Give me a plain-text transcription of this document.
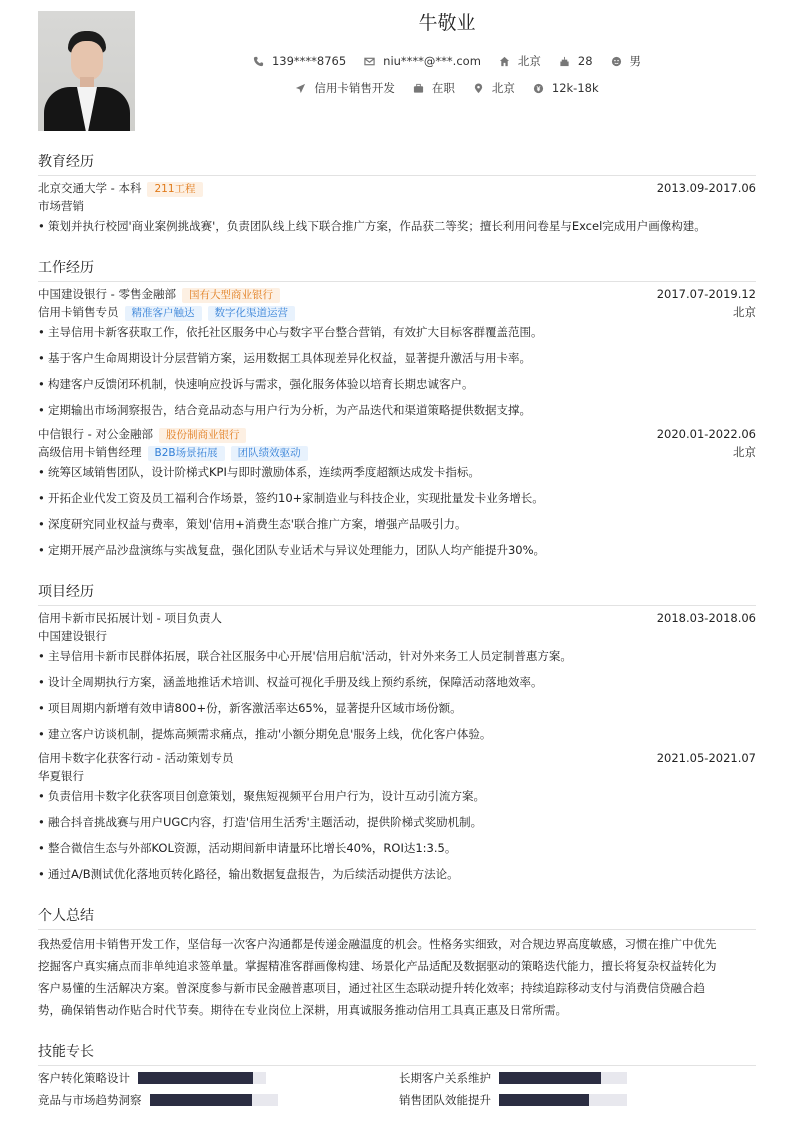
牛敬业
139****8765	niu****@***.com	北京	28	男
信用卡销售开发	在职	北京	12k-18k
教育经历
北京交通大学 - 本科 211工程	2013.09-2017.06
市场营销
• 策划并执行校园'商业案例挑战赛'，负责团队线上线下联合推广方案，作品获二等奖；擅长利用问卷星与Excel完成用户画像构建。
工作经历
中国建设银行 - 零售金融部 国有大型商业银行	2017.07-2019.12
信用卡销售专员 精准客户触达 数字化渠道运营	北京
• 主导信用卡新客获取工作，依托社区服务中心与数字平台整合营销，有效扩大目标客群覆盖范围。
• 基于客户生命周期设计分层营销方案，运用数据工具体现差异化权益，显著提升激活与用卡率。
• 构建客户反馈闭环机制，快速响应投诉与需求，强化服务体验以培育长期忠诚客户。
• 定期输出市场洞察报告，结合竞品动态与用户行为分析，为产品迭代和渠道策略提供数据支撑。
中信银行 - 对公金融部 股份制商业银行	2020.01-2022.06
高级信用卡销售经理 B2B场景拓展 团队绩效驱动	北京
• 统筹区域销售团队，设计阶梯式KPI与即时激励体系，连续两季度超额达成发卡指标。
• 开拓企业代发工资及员工福利合作场景，签约10+家制造业与科技企业，实现批量发卡业务增长。
• 深度研究同业权益与费率，策划'信用+消费生态'联合推广方案，增强产品吸引力。
• 定期开展产品沙盘演练与实战复盘，强化团队专业话术与异议处理能力，团队人均产能提升30%。
项目经历
信用卡新市民拓展计划 - 项目负责人	2018.03-2018.06
中国建设银行
• 主导信用卡新市民群体拓展，联合社区服务中心开展'信用启航'活动，针对外来务工人员定制普惠方案。
• 设计全周期执行方案，涵盖地推话术培训、权益可视化手册及线上预约系统，保障活动落地效率。
• 项目周期内新增有效申请800+份，新客激活率达65%，显著提升区域市场份额。
• 建立客户访谈机制，提炼高频需求痛点，推动'小额分期免息'服务上线，优化客户体验。
信用卡数字化获客行动 - 活动策划专员	2021.05-2021.07
华夏银行
• 负责信用卡数字化获客项目创意策划，聚焦短视频平台用户行为，设计互动引流方案。
• 融合抖音挑战赛与用户UGC内容，打造'信用生活秀'主题活动，提供阶梯式奖励机制。
• 整合微信生态与外部KOL资源，活动期间新申请量环比增长40%，ROI达1:3.5。
• 通过A/B测试优化落地页转化路径，输出数据复盘报告，为后续活动提供方法论。
个人总结
我热爱信用卡销售开发工作，坚信每一次客户沟通都是传递金融温度的机会。性格务实细致，对合规边界高度敏感，习惯在推广中优先
挖掘客户真实痛点而非单纯追求签单量。掌握精准客群画像构建、场景化产品适配及数据驱动的策略迭代能力，擅长将复杂权益转化为
客户易懂的生活解决方案。曾深度参与新市民金融普惠项目，通过社区生态联动提升转化效率；持续追踪移动支付与消费信贷融合趋
势，确保销售动作贴合时代节奏。期待在专业岗位上深耕，用真诚服务推动信用工具真正惠及日常所需。
技能专长
客户转化策略设计	长期客户关系维护
竞品与市场趋势洞察	销售团队效能提升
